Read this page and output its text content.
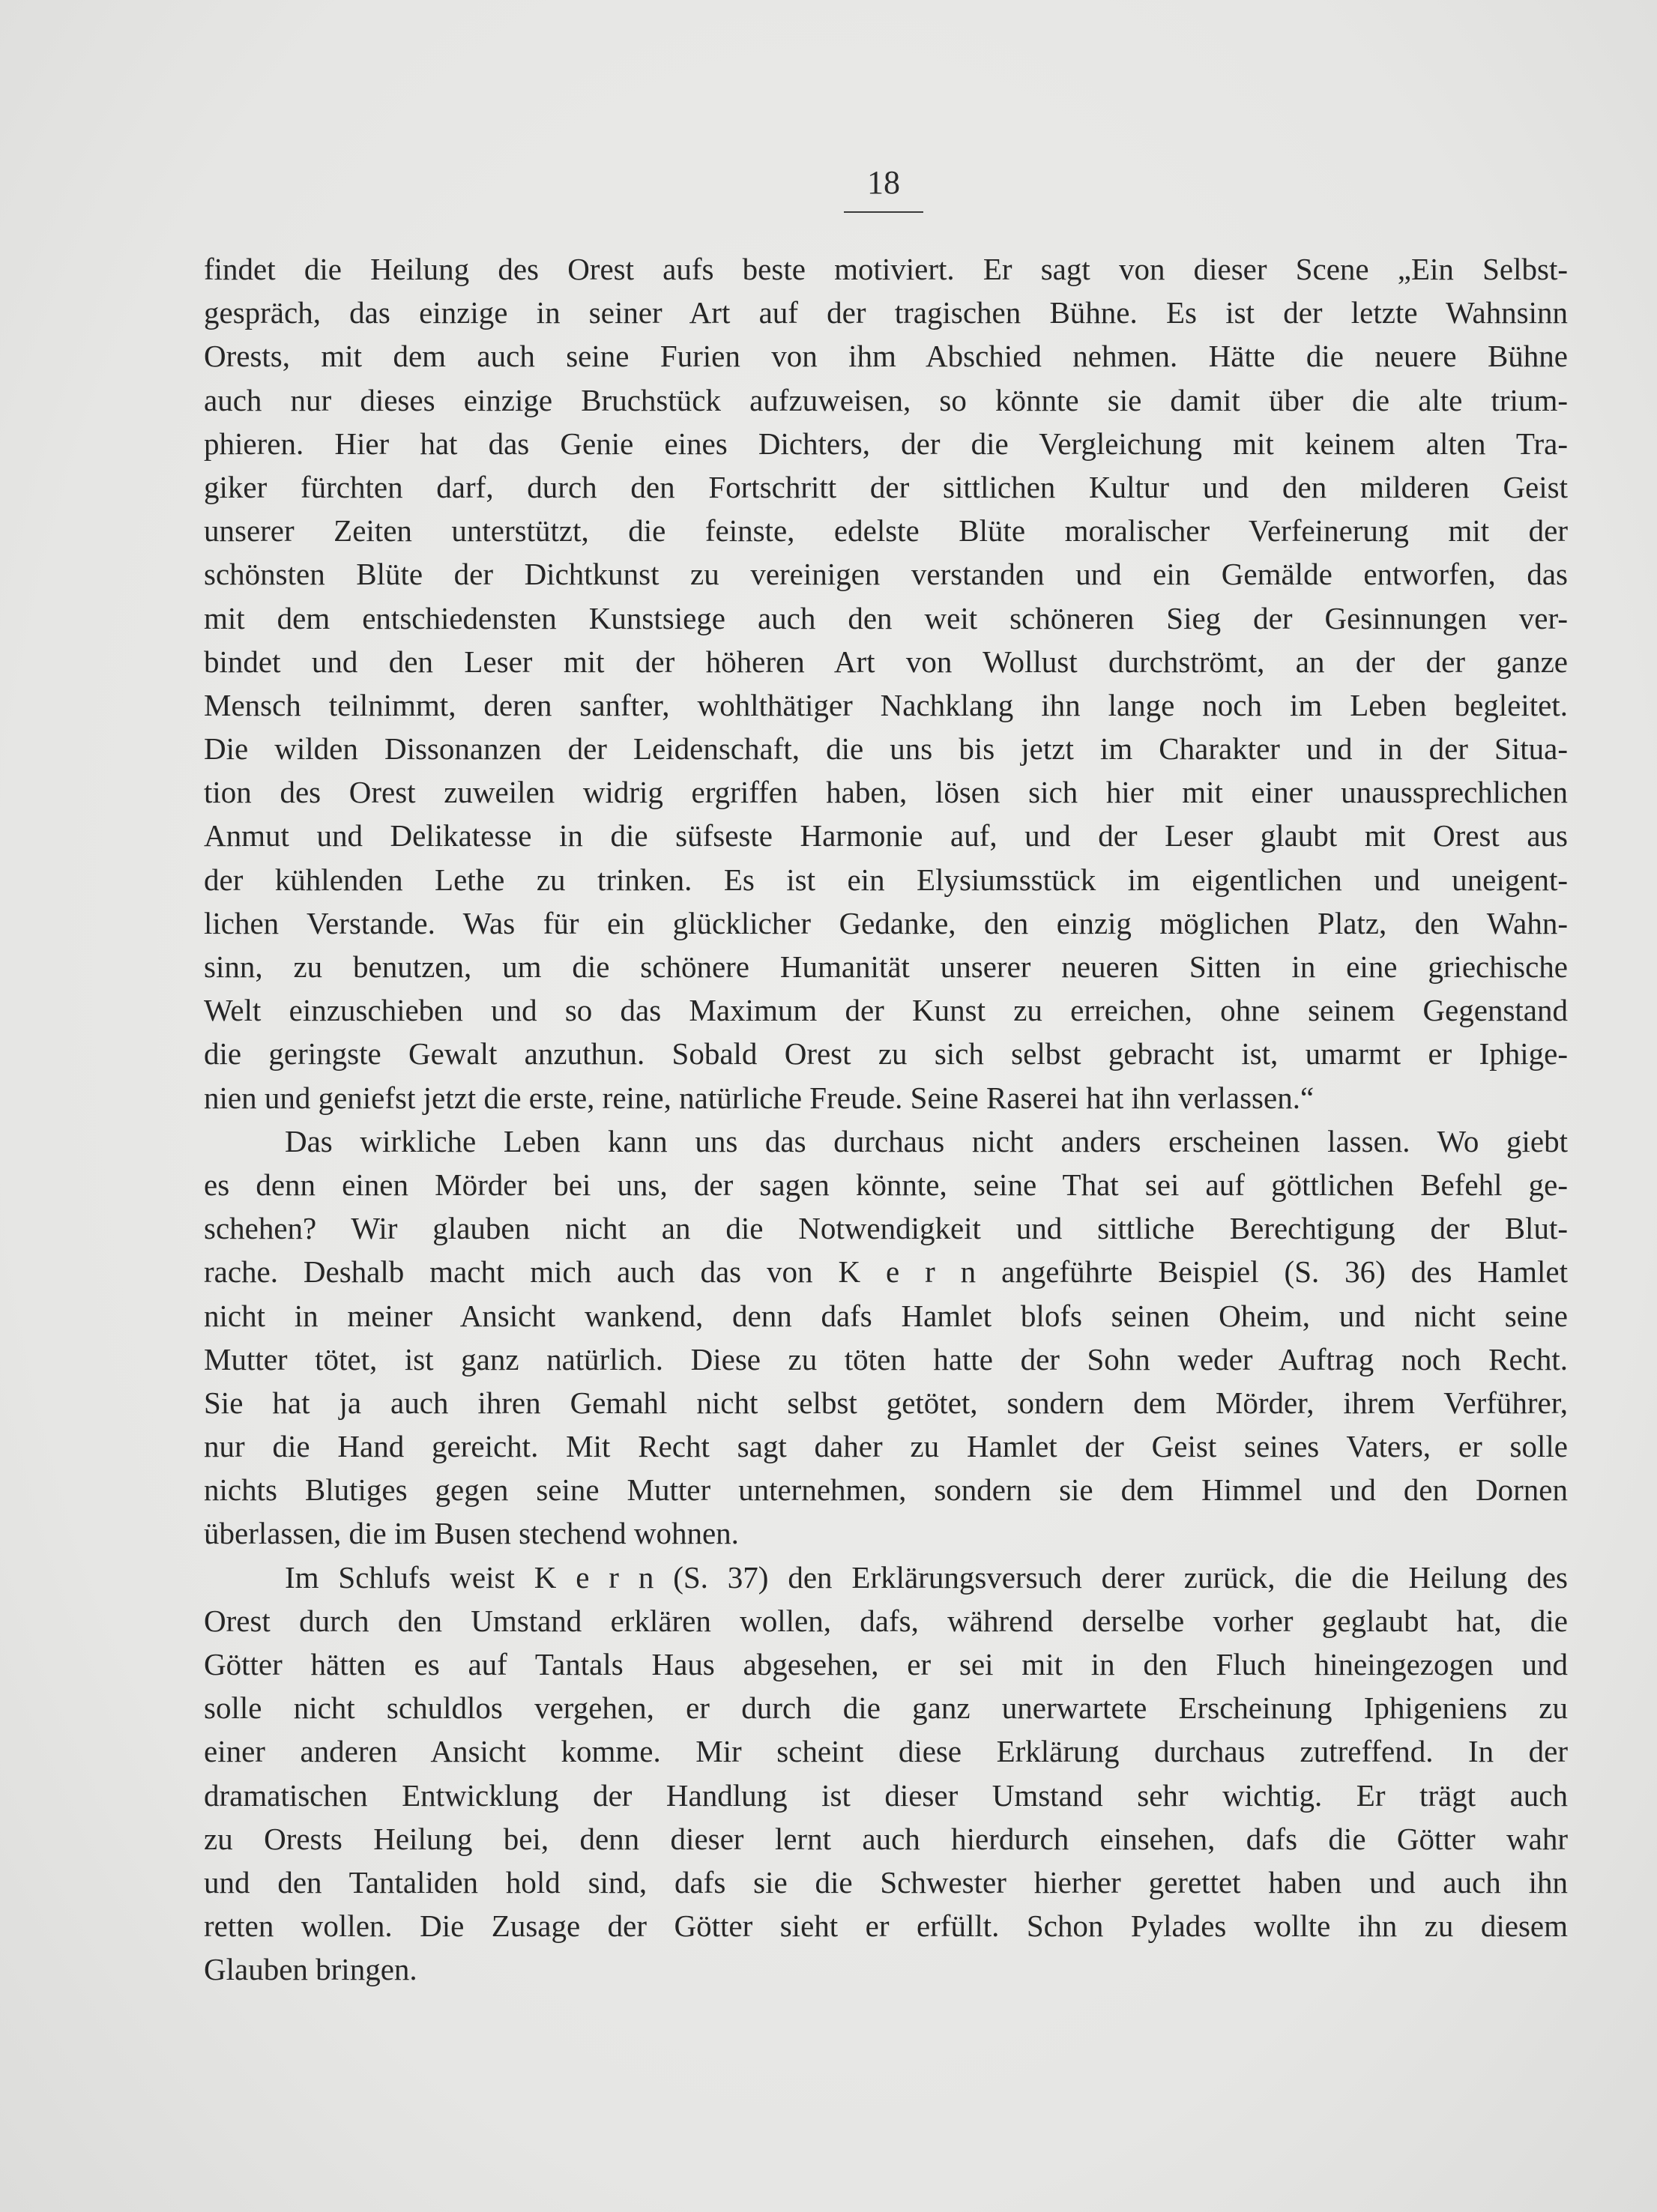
18
findet die Heilung des Orest aufs beste motiviert. Er sagt von dieser Scene „Ein Selbst-
gespräch, das einzige in seiner Art auf der tragischen Bühne. Es ist der letzte Wahnsinn
Orests, mit dem auch seine Furien von ihm Abschied nehmen. Hätte die neuere Bühne
auch nur dieses einzige Bruchstück aufzuweisen, so könnte sie damit über die alte trium-
phieren. Hier hat das Genie eines Dichters, der die Vergleichung mit keinem alten Tra-
giker fürchten darf, durch den Fortschritt der sittlichen Kultur und den milderen Geist
unserer Zeiten unterstützt, die feinste, edelste Blüte moralischer Verfeinerung mit der
schönsten Blüte der Dichtkunst zu vereinigen verstanden und ein Gemälde entworfen, das
mit dem entschiedensten Kunstsiege auch den weit schöneren Sieg der Gesinnungen ver-
bindet und den Leser mit der höheren Art von Wollust durchströmt, an der der ganze
Mensch teilnimmt, deren sanfter, wohlthätiger Nachklang ihn lange noch im Leben begleitet.
Die wilden Dissonanzen der Leidenschaft, die uns bis jetzt im Charakter und in der Situa-
tion des Orest zuweilen widrig ergriffen haben, lösen sich hier mit einer unaussprechlichen
Anmut und Delikatesse in die süfseste Harmonie auf, und der Leser glaubt mit Orest aus
der kühlenden Lethe zu trinken. Es ist ein Elysiumsstück im eigentlichen und uneigent-
lichen Verstande. Was für ein glücklicher Gedanke, den einzig möglichen Platz, den Wahn-
sinn, zu benutzen, um die schönere Humanität unserer neueren Sitten in eine griechische
Welt einzuschieben und so das Maximum der Kunst zu erreichen, ohne seinem Gegenstand
die geringste Gewalt anzuthun. Sobald Orest zu sich selbst gebracht ist, umarmt er Iphige-
nien und geniefst jetzt die erste, reine, natürliche Freude. Seine Raserei hat ihn verlassen.“
Das wirkliche Leben kann uns das durchaus nicht anders erscheinen lassen. Wo giebt
es denn einen Mörder bei uns, der sagen könnte, seine That sei auf göttlichen Befehl ge-
schehen? Wir glauben nicht an die Notwendigkeit und sittliche Berechtigung der Blut-
rache. Deshalb macht mich auch das von K e r n angeführte Beispiel (S. 36) des Hamlet
nicht in meiner Ansicht wankend, denn dafs Hamlet blofs seinen Oheim, und nicht seine
Mutter tötet, ist ganz natürlich. Diese zu töten hatte der Sohn weder Auftrag noch Recht.
Sie hat ja auch ihren Gemahl nicht selbst getötet, sondern dem Mörder, ihrem Verführer,
nur die Hand gereicht. Mit Recht sagt daher zu Hamlet der Geist seines Vaters, er solle
nichts Blutiges gegen seine Mutter unternehmen, sondern sie dem Himmel und den Dornen
überlassen, die im Busen stechend wohnen.
Im Schlufs weist K e r n (S. 37) den Erklärungsversuch derer zurück, die die Heilung des
Orest durch den Umstand erklären wollen, dafs, während derselbe vorher geglaubt hat, die
Götter hätten es auf Tantals Haus abgesehen, er sei mit in den Fluch hineingezogen und
solle nicht schuldlos vergehen, er durch die ganz unerwartete Erscheinung Iphigeniens zu
einer anderen Ansicht komme. Mir scheint diese Erklärung durchaus zutreffend. In der
dramatischen Entwicklung der Handlung ist dieser Umstand sehr wichtig. Er trägt auch
zu Orests Heilung bei, denn dieser lernt auch hierdurch einsehen, dafs die Götter wahr
und den Tantaliden hold sind, dafs sie die Schwester hierher gerettet haben und auch ihn
retten wollen. Die Zusage der Götter sieht er erfüllt. Schon Pylades wollte ihn zu diesem
Glauben bringen.
